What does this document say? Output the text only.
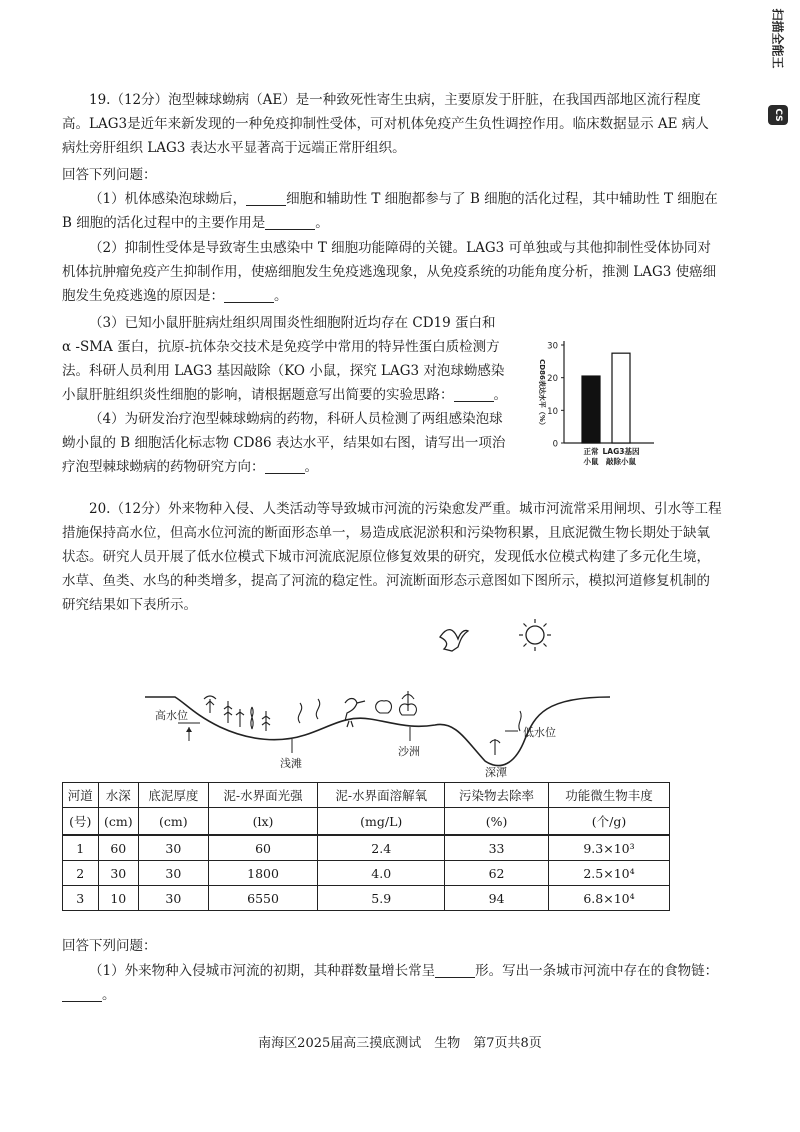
扫描全能王
CS

19.（12分）泡型棘球蚴病（AE）是一种致死性寄生虫病，主要原发于肝脏，在我国西部地区流行程度高。LAG3是近年来新发现的一种免疫抑制性受体，可对机体免疫产生负性调控作用。临床数据显示 AE 病人病灶旁肝组织 LAG3 表达水平显著高于远端正常肝组织。

回答下列问题：

（1）机体感染泡球蚴后，	细胞和辅助性 T 细胞都参与了 B 细胞的活化过程，其中辅助性 T 细胞在 B 细胞的活化过程中的主要作用是	。

（2）抑制性受体是导致寄生虫感染中 T 细胞功能障碍的关键。LAG3 可单独或与其他抑制性受体协同对机体抗肿瘤免疫产生抑制作用，使癌细胞发生免疫逃逸现象，从免疫系统的功能角度分析，推测 LAG3 使癌细胞发生免疫逃逸的原因是：	。

（3）已知小鼠肝脏病灶组织周围炎性细胞附近均存在 CD19 蛋白和 α -SMA 蛋白，抗原-抗体杂交技术是免疫学中常用的特异性蛋白质检测方法。科研人员利用 LAG3 基因敲除（KO 小鼠，探究 LAG3 对泡球蚴感染小鼠肝脏组织炎性细胞的影响，请根据题意写出简要的实验思路：	。

（4）为研发治疗泡型棘球蚴病的药物，科研人员检测了两组感染泡球蚴小鼠的 B 细胞活化标志物 CD86 表达水平，结果如右图，请写出一项治疗泡型棘球蚴病的药物研究方向：	。

0
10
20
30
CD86表达水平（%）
正常
小鼠
LAG3基因
敲除小鼠

20.（12分）外来物种入侵、人类活动等导致城市河流的污染愈发严重。城市河流常采用闸坝、引水等工程措施保持高水位，但高水位河流的断面形态单一，易造成底泥淤积和污染物积累，且底泥微生物长期处于缺氧状态。研究人员开展了低水位模式下城市河流底泥原位修复效果的研究，发现低水位模式构建了多元化生境，水草、鱼类、水鸟的种类增多，提高了河流的稳定性。河流断面形态示意图如下图所示，模拟河道修复机制的研究结果如下表所示。

高水位
低水位
浅滩
沙洲
深潭
河道	水深	底泥厚度	泥-水界面光强	泥-水界面溶解氧	污染物去除率	功能微生物丰度
(号)	(cm)	(cm)	(lx)	(mg/L)	(%)	(个/g)
1	60	30	60	2.4	33	9.3×10³
2	30	30	1800	4.0	62	2.5×10⁴
3	10	30	6550	5.9	94	6.8×10⁴

回答下列问题：

（1）外来物种入侵城市河流的初期，其种群数量增长常呈	形。写出一条城市河流中存在的食物链：。

南海区2025届高三摸底测试　生物　第7页共8页
